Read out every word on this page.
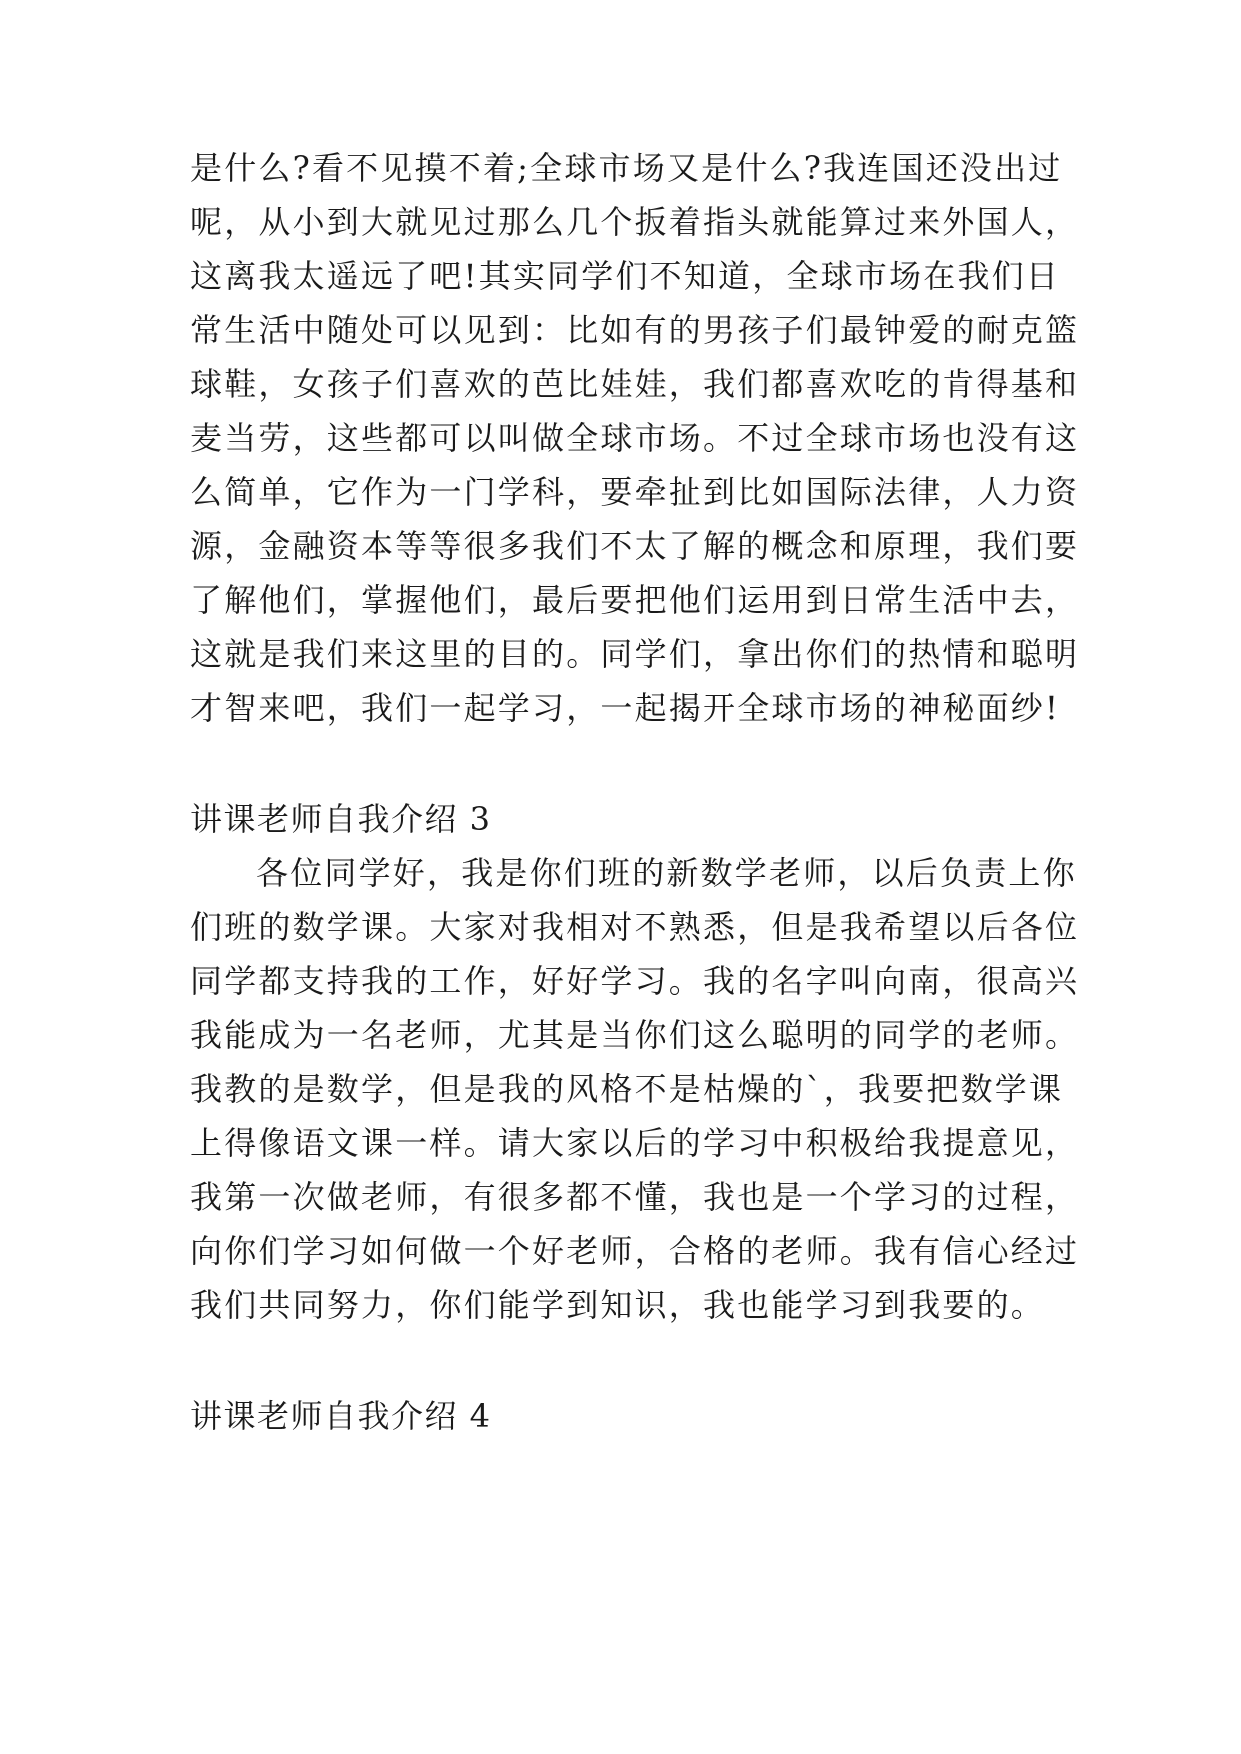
是什么?看不见摸不着;全球市场又是什么?我连国还没出过
呢，从小到大就见过那么几个扳着指头就能算过来外国人，
这离我太遥远了吧!其实同学们不知道，全球市场在我们日
常生活中随处可以见到：比如有的男孩子们最钟爱的耐克篮
球鞋，女孩子们喜欢的芭比娃娃，我们都喜欢吃的肯得基和
麦当劳，这些都可以叫做全球市场。不过全球市场也没有这
么简单，它作为一门学科，要牵扯到比如国际法律，人力资
源，金融资本等等很多我们不太了解的概念和原理，我们要
了解他们，掌握他们，最后要把他们运用到日常生活中去，
这就是我们来这里的目的。同学们，拿出你们的热情和聪明
才智来吧，我们一起学习，一起揭开全球市场的神秘面纱!
讲课老师自我介绍 3
各位同学好，我是你们班的新数学老师，以后负责上你
们班的数学课。大家对我相对不熟悉，但是我希望以后各位
同学都支持我的工作，好好学习。我的名字叫向南，很高兴
我能成为一名老师，尤其是当你们这么聪明的同学的老师。
我教的是数学，但是我的风格不是枯燥的`，我要把数学课
上得像语文课一样。请大家以后的学习中积极给我提意见，
我第一次做老师，有很多都不懂，我也是一个学习的过程，
向你们学习如何做一个好老师，合格的老师。我有信心经过
我们共同努力，你们能学到知识，我也能学习到我要的。
讲课老师自我介绍 4
